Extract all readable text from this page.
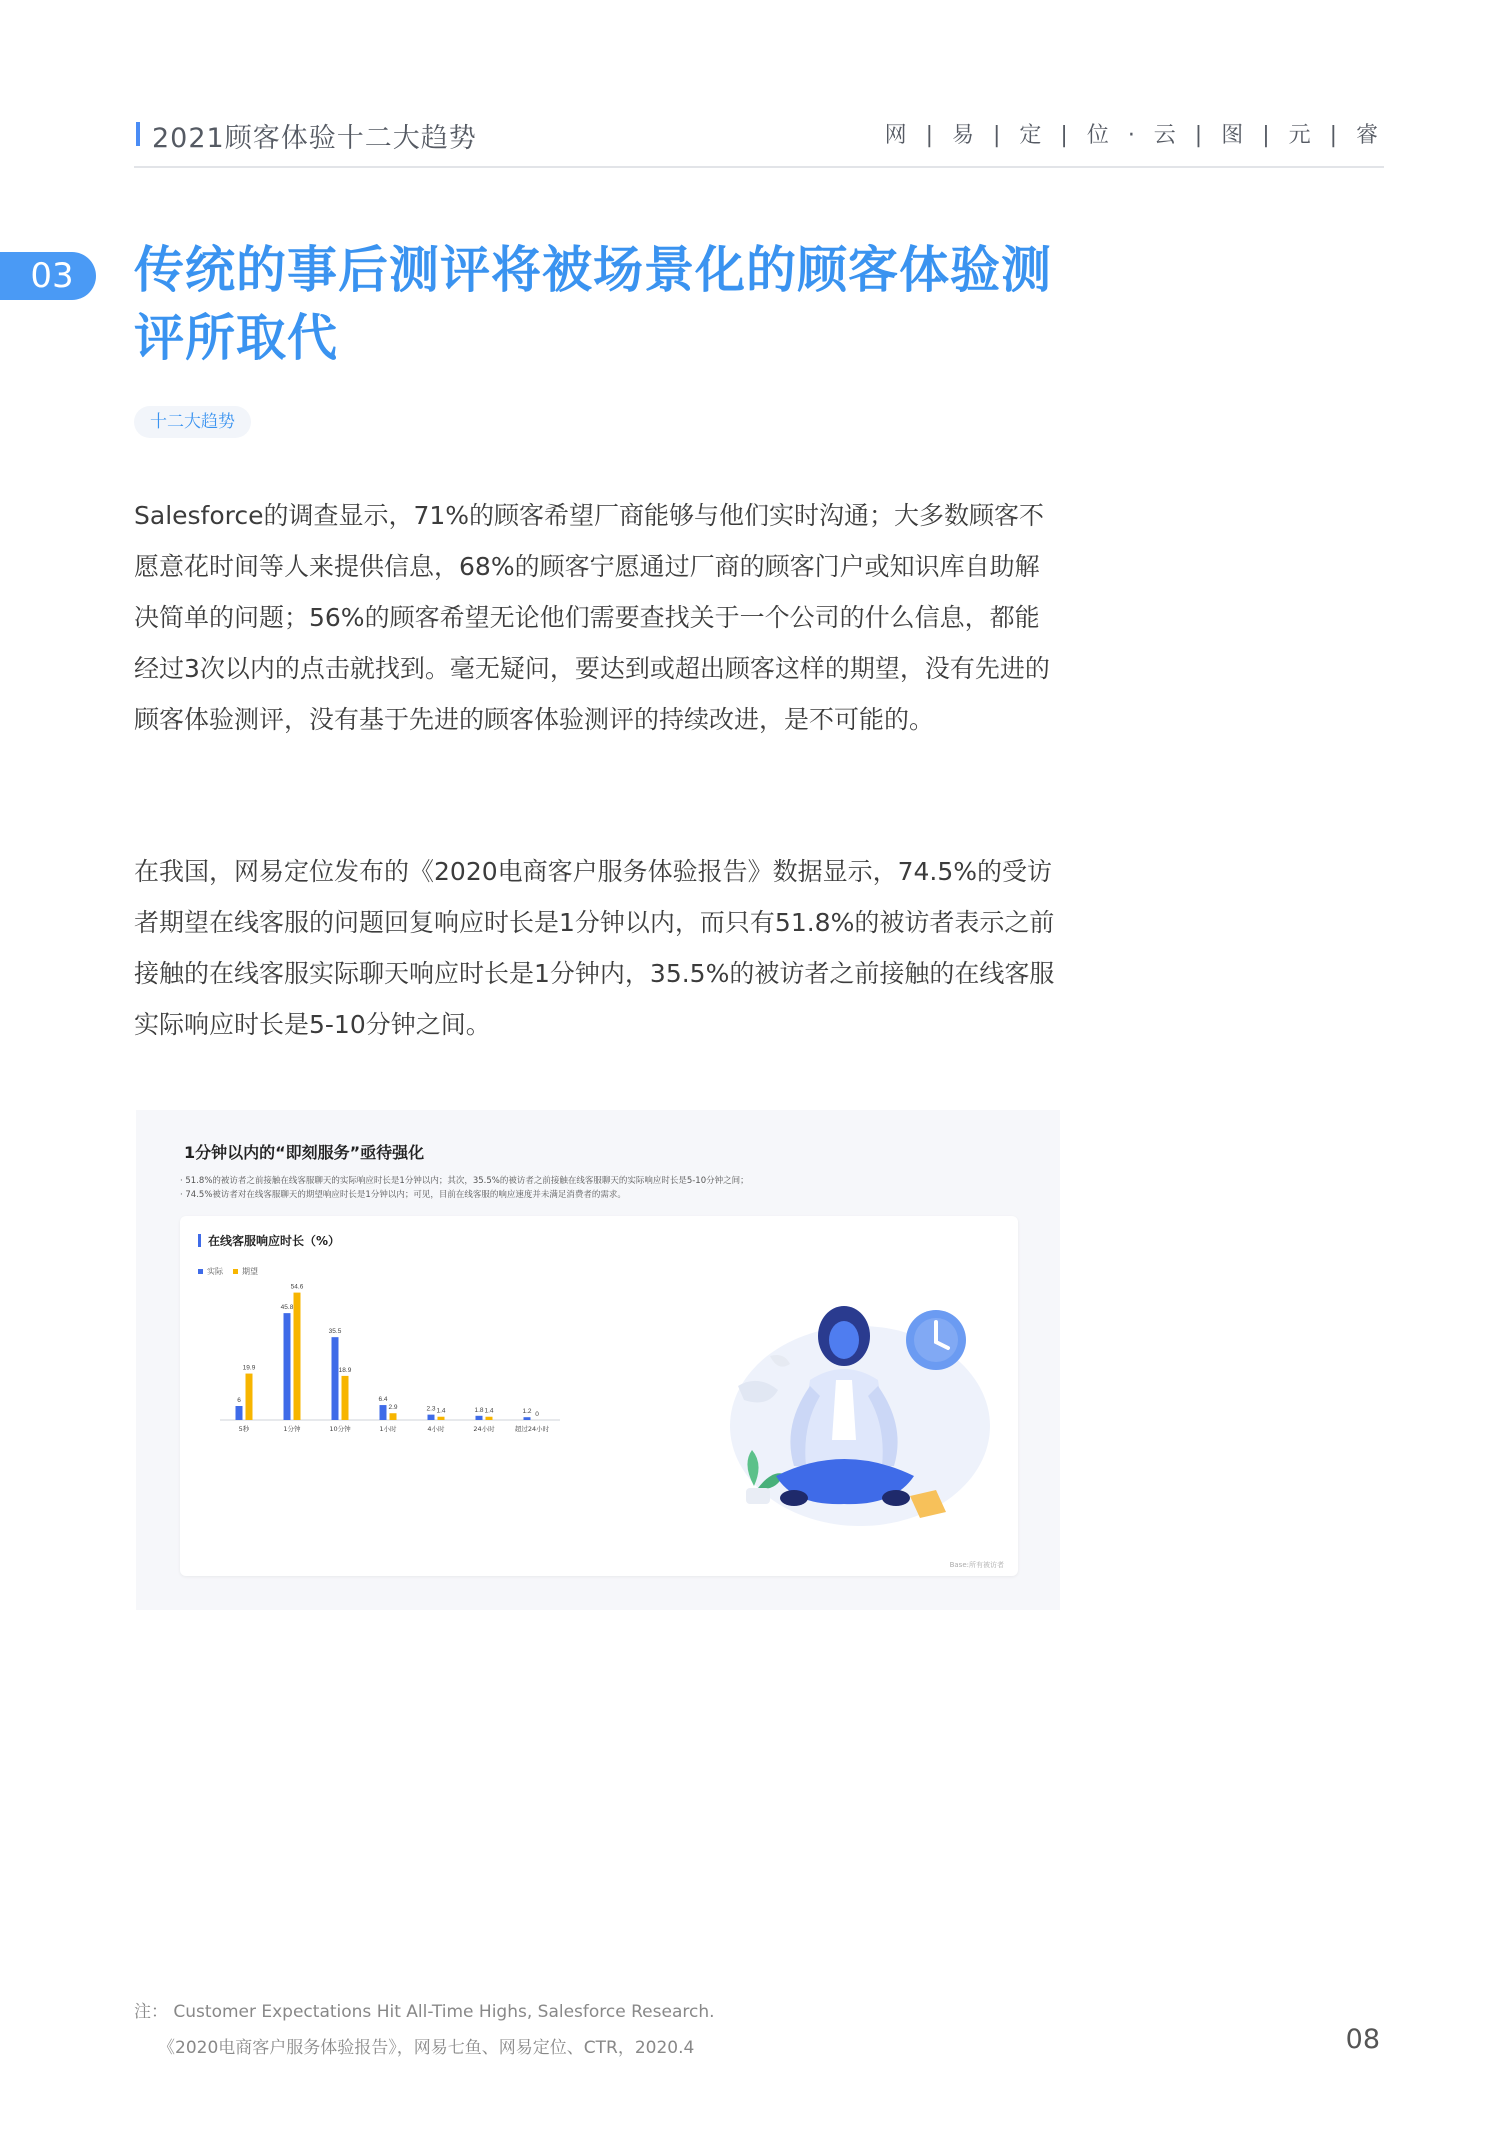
2021顾客体验十二大趋势	网 | 易 | 定 | 位 · 云 | 图 | 元 | 睿
03	传统的事后测评将被场景化的顾客体验测评所取代
十二大趋势
Salesforce的调查显示，71%的顾客希望厂商能够与他们实时沟通；大多数顾客不愿意花时间等人来提供信息，68%的顾客宁愿通过厂商的顾客门户或知识库自助解决简单的问题；56%的顾客希望无论他们需要查找关于一个公司的什么信息，都能经过3次以内的点击就找到。毫无疑问，要达到或超出顾客这样的期望，没有先进的顾客体验测评，没有基于先进的顾客体验测评的持续改进，是不可能的。
在我国，网易定位发布的《2020电商客户服务体验报告》数据显示，74.5%的受访者期望在线客服的问题回复响应时长是1分钟以内，而只有51.8%的被访者表示之前接触的在线客服实际聊天响应时长是1分钟内，35.5%的被访者之前接触的在线客服实际响应时长是5-10分钟之间。
1分钟以内的“即刻服务”亟待强化
· 51.8%的被访者之前接触在线客服聊天的实际响应时长是1分钟以内；其次，35.5%的被访者之前接触在线客服聊天的实际响应时长是5-10分钟之间；
· 74.5%被访者对在线客服聊天的期望响应时长是1分钟以内；可见，目前在线客服的响应速度并未满足消费者的需求。
在线客服响应时长（%）
实际	期望
6
19.9
5秒
45.8
54.6
1分钟
35.5
18.9
10分钟
6.4
2.9
1小时
2.3 1.4
4小时
1.8 1.4
24小时
1.2 0
超过24小时
Base:所有被访者
注： Customer Expectations Hit All-Time Highs, Salesforce Research.
《2020电商客户服务体验报告》，网易七鱼、网易定位、CTR，2020.4	08
